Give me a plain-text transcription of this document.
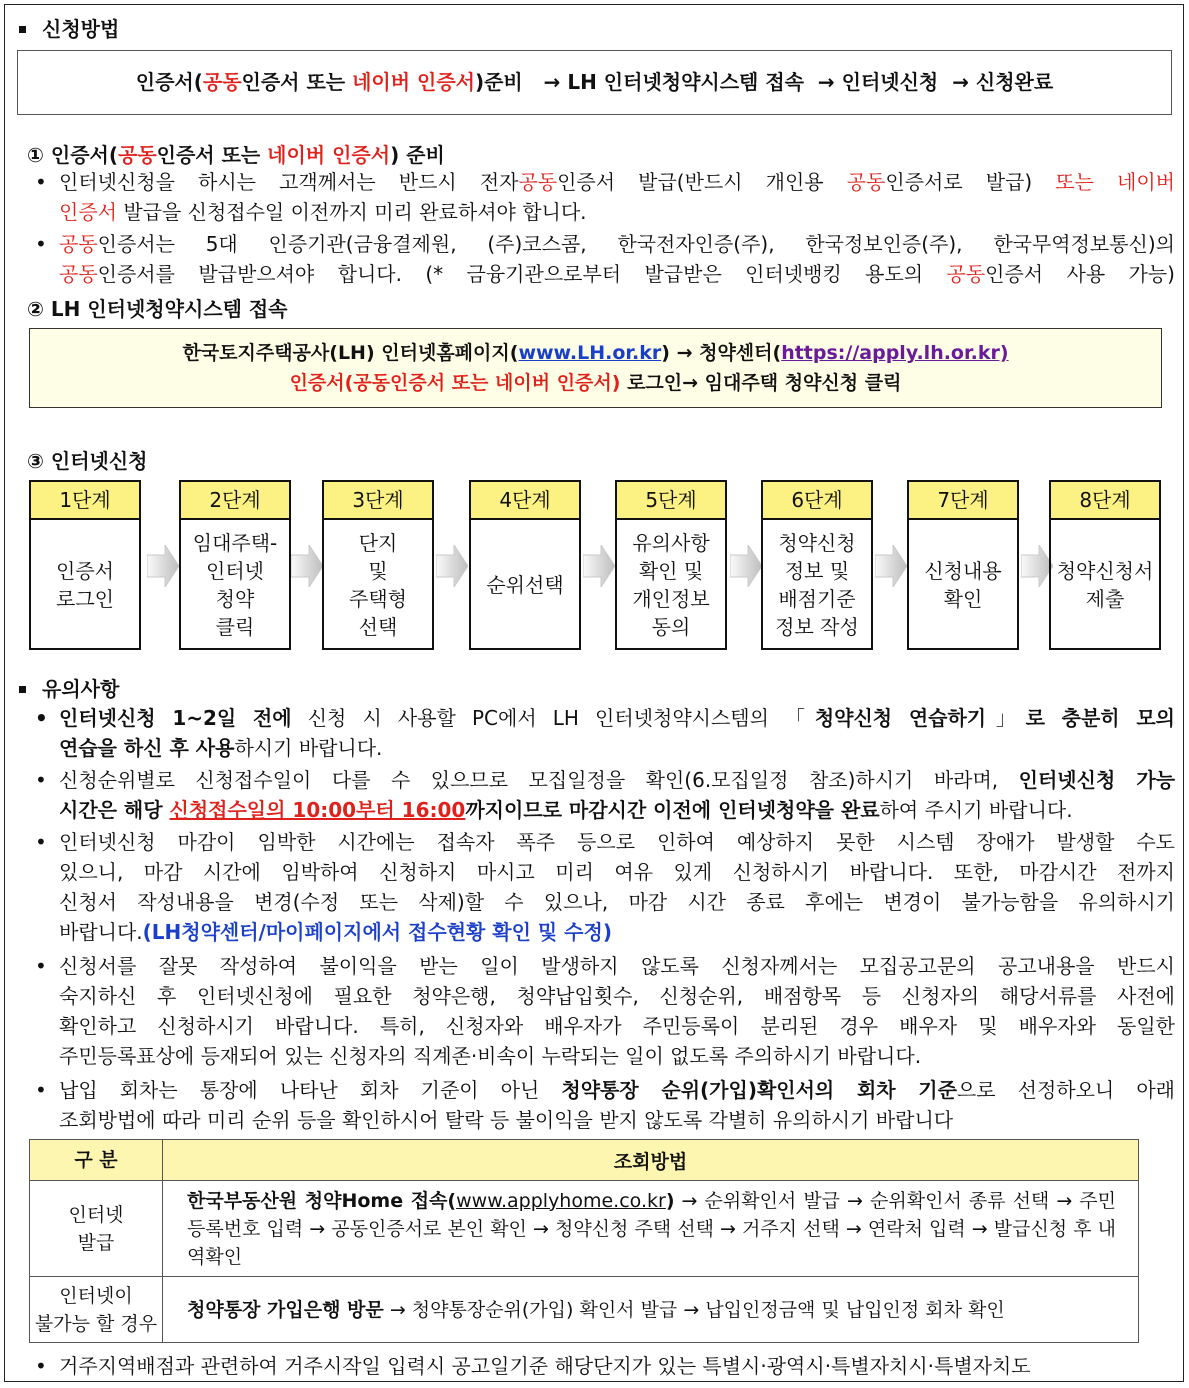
신청방법
인증서(공동인증서 또는 네이버 인증서)준비 → LH 인터넷청약시스템 접속 → 인터넷신청 → 신청완료
① 인증서(공동인증서 또는 네이버 인증서) 준비
• 인터넷신청을 하시는 고객께서는 반드시 전자공동인증서 발급(반드시 개인용 공동인증서로 발급) 또는 네이버
인증서 발급을 신청접수일 이전까지 미리 완료하셔야 합니다.
• 공동인증서는 5대 인증기관(금융결제원, (주)코스콤, 한국전자인증(주), 한국정보인증(주), 한국무역정보통신)의
공동인증서를 발급받으셔야 합니다. (* 금융기관으로부터 발급받은 인터넷뱅킹 용도의 공동인증서 사용 가능)
② LH 인터넷청약시스템 접속
한국토지주택공사(LH) 인터넷홈페이지(www.LH.or.kr) → 청약센터(https://apply.lh.or.kr)
인증서(공동인증서 또는 네이버 인증서) 로그인→ 임대주택 청약신청 클릭
③ 인터넷신청
1단계
인증서
로그인
2단계
임대주택-
인터넷
청약
클릭
3단계
단지
및
주택형
선택
4단계
순위선택
5단계
유의사항
확인 및
개인정보
동의
6단계
청약신청
정보 및
배점기준
정보 작성
7단계
신청내용
확인
8단계
청약신청서
제출
유의사항
• 인터넷신청 1~2일 전에 신청 시 사용할 PC에서 LH 인터넷청약시스템의 「청약신청 연습하기」로 충분히 모의
연습을 하신 후 사용하시기 바랍니다.
• 신청순위별로 신청접수일이 다를 수 있으므로 모집일정을 확인(6.모집일정 참조)하시기 바라며, 인터넷신청 가능
시간은 해당 신청접수일의 10:00부터 16:00까지이므로 마감시간 이전에 인터넷청약을 완료하여 주시기 바랍니다.
• 인터넷신청 마감이 임박한 시간에는 접속자 폭주 등으로 인하여 예상하지 못한 시스템 장애가 발생할 수도
있으니, 마감 시간에 임박하여 신청하지 마시고 미리 여유 있게 신청하시기 바랍니다. 또한, 마감시간 전까지
신청서 작성내용을 변경(수정 또는 삭제)할 수 있으나, 마감 시간 종료 후에는 변경이 불가능함을 유의하시기
바랍니다.(LH청약센터/마이페이지에서 접수현황 확인 및 수정)
• 신청서를 잘못 작성하여 불이익을 받는 일이 발생하지 않도록 신청자께서는 모집공고문의 공고내용을 반드시
숙지하신 후 인터넷신청에 필요한 청약은행, 청약납입횟수, 신청순위, 배점항목 등 신청자의 해당서류를 사전에
확인하고 신청하시기 바랍니다. 특히, 신청자와 배우자가 주민등록이 분리된 경우 배우자 및 배우자와 동일한
주민등록표상에 등재되어 있는 신청자의 직계존·비속이 누락되는 일이 없도록 주의하시기 바랍니다.
• 납입 회차는 통장에 나타난 회차 기준이 아닌 청약통장 순위(가입)확인서의 회차 기준으로 선정하오니 아래
조회방법에 따라 미리 순위 등을 확인하시어 탈락 등 불이익을 받지 않도록 각별히 유의하시기 바랍니다
구 분	조회방법
인터넷
발급	한국부동산원 청약Home 접속(www.applyhome.co.kr) → 순위확인서 발급 → 순위확인서 종류 선택 → 주민등록번호 입력 → 공동인증서로 본인 확인 → 청약신청 주택 선택 → 거주지 선택 → 연락처 입력 → 발급신청 후 내역확인
인터넷이
불가능 할 경우	청약통장 가입은행 방문 → 청약통장순위(가입) 확인서 발급 → 납입인정금액 및 납입인정 회차 확인
• 거주지역배점과 관련하여 거주시작일 입력시 공고일기준 해당단지가 있는 특별시·광역시·특별자치시·특별자치도
